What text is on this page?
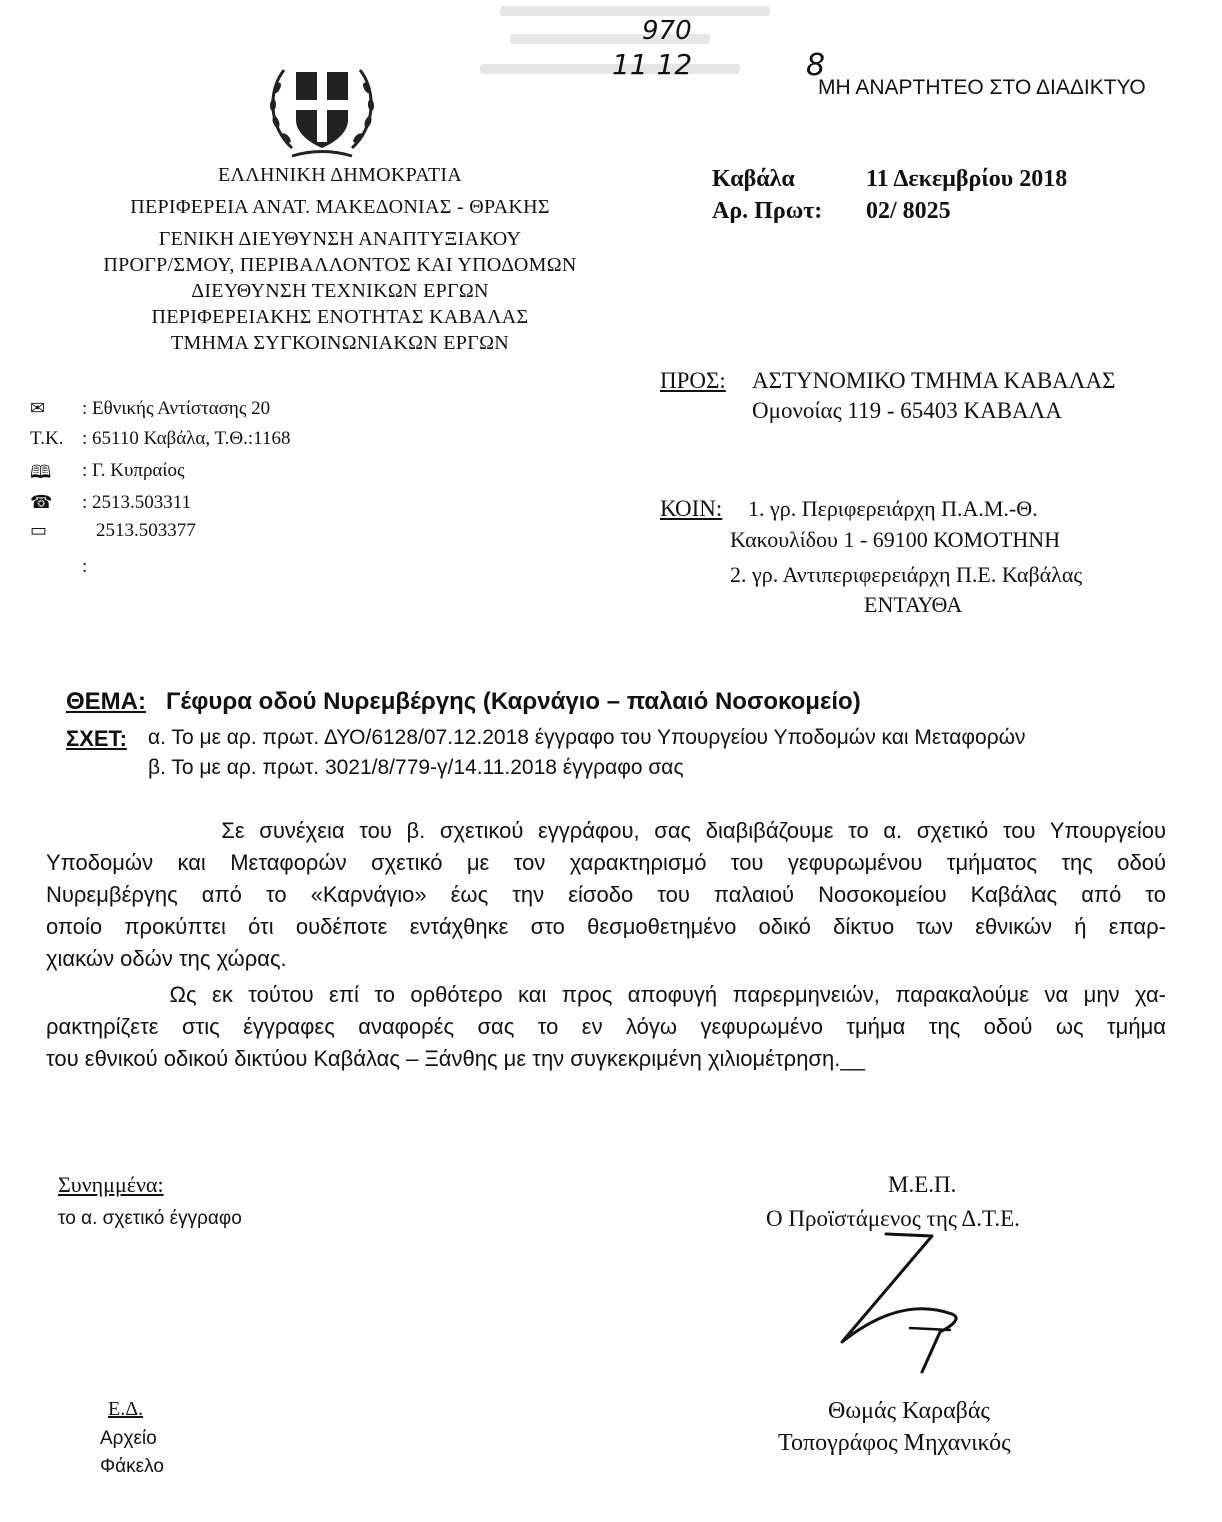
970
11 12	8
ΜΗ ΑΝΑΡΤΗΤΕΟ ΣΤΟ ΔΙΑΔΙΚΤΥΟ
ΕΛΛΗΝΙΚΗ ΔΗΜΟΚΡΑΤΙΑ
ΠΕΡΙΦΕΡΕΙΑ ΑΝΑΤ. ΜΑΚΕΔΟΝΙΑΣ - ΘΡΑΚΗΣ
ΓΕΝΙΚΗ ΔΙΕΥΘΥΝΣΗ ΑΝΑΠΤΥΞΙΑΚΟΥ
ΠΡΟΓΡ/ΣΜΟΥ, ΠΕΡΙΒΑΛΛΟΝΤΟΣ ΚΑΙ ΥΠΟΔΟΜΩΝ
ΔΙΕΥΘΥΝΣΗ ΤΕΧΝΙΚΩΝ ΕΡΓΩΝ
ΠΕΡΙΦΕΡΕΙΑΚΗΣ ΕΝΟΤΗΤΑΣ ΚΑΒΑΛΑΣ
ΤΜΗΜΑ ΣΥΓΚΟΙΝΩΝΙΑΚΩΝ ΕΡΓΩΝ
Καβάλα	11 Δεκεμβρίου 2018
Αρ. Πρωτ: 02/ 8025
✉ : Εθνικής Αντίστασης 20
Τ.Κ. : 65110 Καβάλα, Τ.Θ.:1168
🕮 : Γ. Κυπραίος
☎ : 2513.503311
▭	2513.503377
:
ΠΡΟΣ: ΑΣΤΥΝΟΜΙΚΟ ΤΜΗΜΑ ΚΑΒΑΛΑΣ
Ομονοίας 119 - 65403 ΚΑΒΑΛΑ
ΚΟΙΝ: 1. γρ. Περιφερειάρχη Π.Α.Μ.-Θ.
Κακουλίδου 1 - 69100 ΚΟΜΟΤΗΝΗ
2. γρ. Αντιπεριφερειάρχη Π.Ε. Καβάλας
ΕΝΤΑΥΘΑ
ΘΕΜΑ: Γέφυρα οδού Νυρεμβέργης (Καρνάγιο – παλαιό Νοσοκομείο)
ΣΧΕΤ: α. Το με αρ. πρωτ. ΔΥΟ/6128/07.12.2018 έγγραφο του Υπουργείου Υποδομών και Μεταφορών
β. Το με αρ. πρωτ. 3021/8/779-γ/14.11.2018 έγγραφο σας
Σε συνέχεια του β. σχετικού εγγράφου, σας διαβιβάζουμε το α. σχετικό του Υπουργείου
Υποδομών και Μεταφορών σχετικό με τον χαρακτηρισμό του γεφυρωμένου τμήματος της οδού
Νυρεμβέργης από το «Καρνάγιο» έως την είσοδο του παλαιού Νοσοκομείου Καβάλας από το
οποίο προκύπτει ότι ουδέποτε εντάχθηκε στο θεσμοθετημένο οδικό δίκτυο των εθνικών ή επαρ-
χιακών οδών της χώρας.
Ως εκ τούτου επί το ορθότερο και προς αποφυγή παρερμηνειών, παρακαλούμε να μην χα-
ρακτηρίζετε στις έγγραφες αναφορές σας το εν λόγω γεφυρωμένο τμήμα της οδού ως τμήμα
του εθνικού οδικού δικτύου Καβάλας – Ξάνθης με την συγκεκριμένη χιλιομέτρηση.__
Συνημμένα:
το α. σχετικό έγγραφο
Μ.Ε.Π.
Ο Προϊστάμενος της Δ.Τ.Ε.
Θωμάς Καραβάς
Τοπογράφος Μηχανικός
Ε.Δ.
Αρχείο
Φάκελο
